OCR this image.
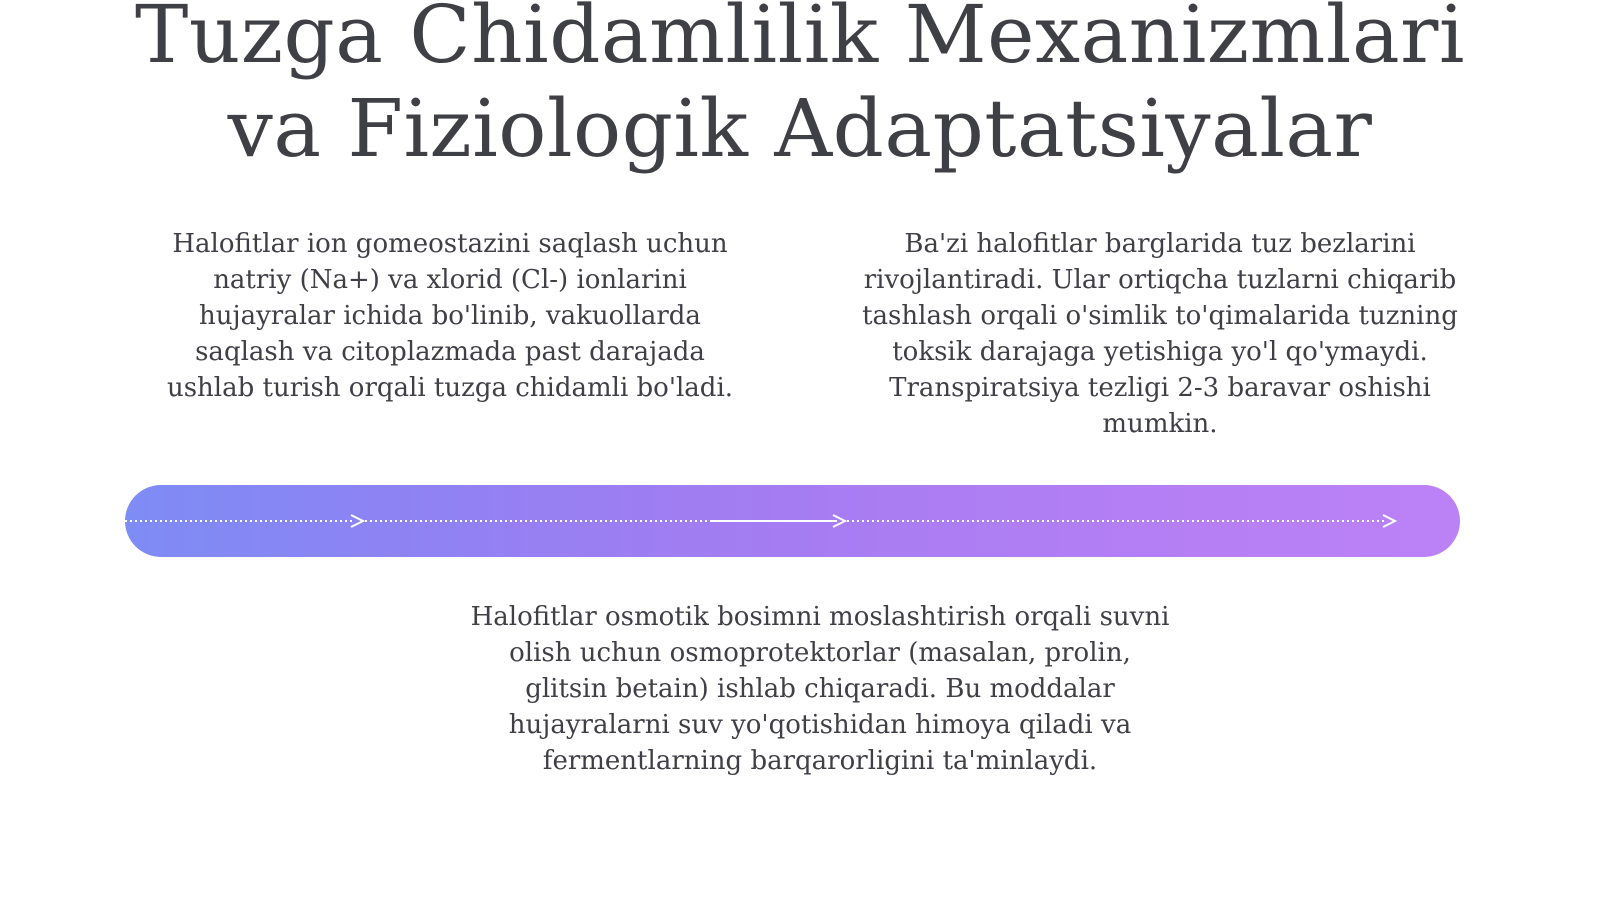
Tuzga Chidamlilik Mexanizmlari
va Fiziologik Adaptatsiyalar

Halofitlar ion gomeostazini saqlash uchun natriy (Na+) va xlorid (Cl-) ionlarini hujayralar ichida bo'linib, vakuollarda saqlash va citoplazmada past darajada ushlab turish orqali tuzga chidamli bo'ladi.

Ba'zi halofitlar barglarida tuz bezlarini rivojlantiradi. Ular ortiqcha tuzlarni chiqarib tashlash orqali o'simlik to'qimalarida tuzning toksik darajaga yetishiga yo'l qo'ymaydi. Transpiratsiya tezligi 2-3 baravar oshishi mumkin.

Halofitlar osmotik bosimni moslashtirish orqali suvni olish uchun osmoprotektorlar (masalan, prolin, glitsin betain) ishlab chiqaradi. Bu moddalar hujayralarni suv yo'qotishidan himoya qiladi va fermentlarning barqarorligini ta'minlaydi.
